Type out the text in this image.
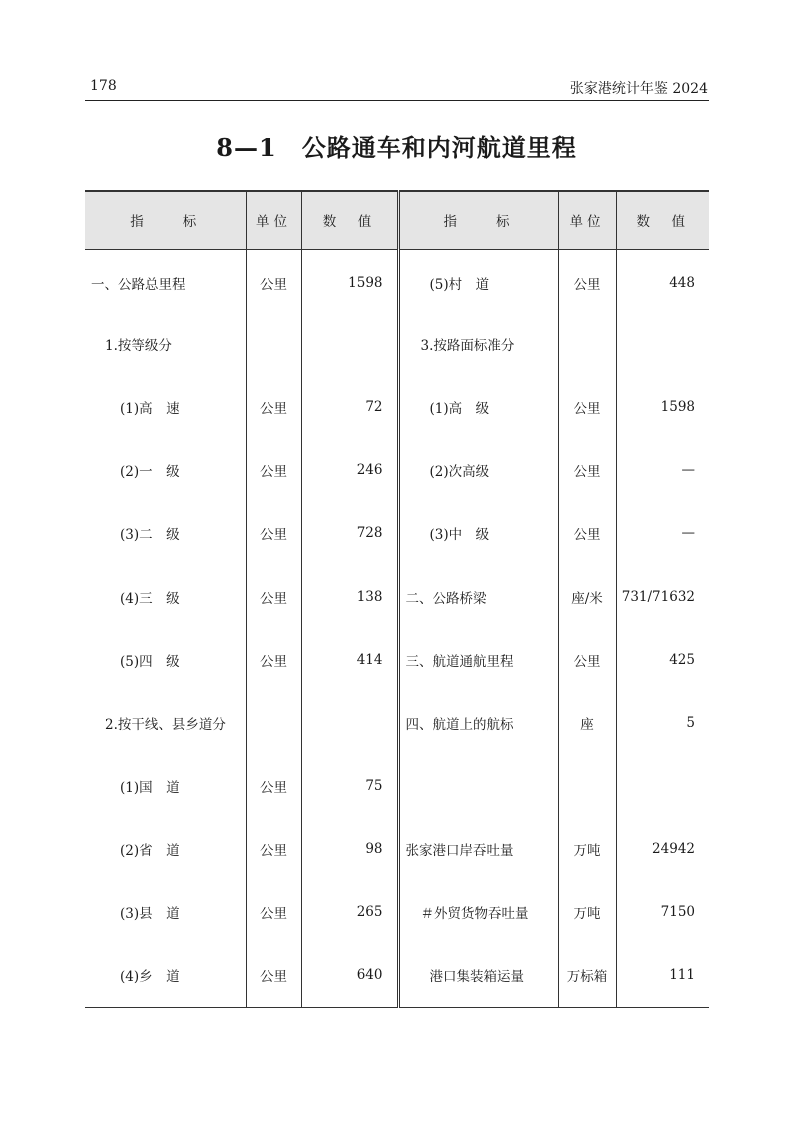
178	张家港统计年鉴 2024
8—1　公路通车和内河航道里程
指　　标	单位	数　值	指　　标	单位	数　值
一、公路总里程	公里	1598	(5)村　道	公里	448
1.按等级分			3.按路面标准分		
(1)高　速	公里	72	(1)高　级	公里	1598
(2)一　级	公里	246	(2)次高级	公里	—
(3)二　级	公里	728	(3)中　级	公里	—
(4)三　级	公里	138	二、公路桥梁	座/米	731/71632
(5)四　级	公里	414	三、航道通航里程	公里	425
2.按干线、县乡道分			四、航道上的航标	座	5
(1)国　道	公里	75			
(2)省　道	公里	98	张家港口岸吞吐量	万吨	24942
(3)县　道	公里	265	＃外贸货物吞吐量	万吨	7150
(4)乡　道	公里	640	港口集装箱运量	万标箱	111
